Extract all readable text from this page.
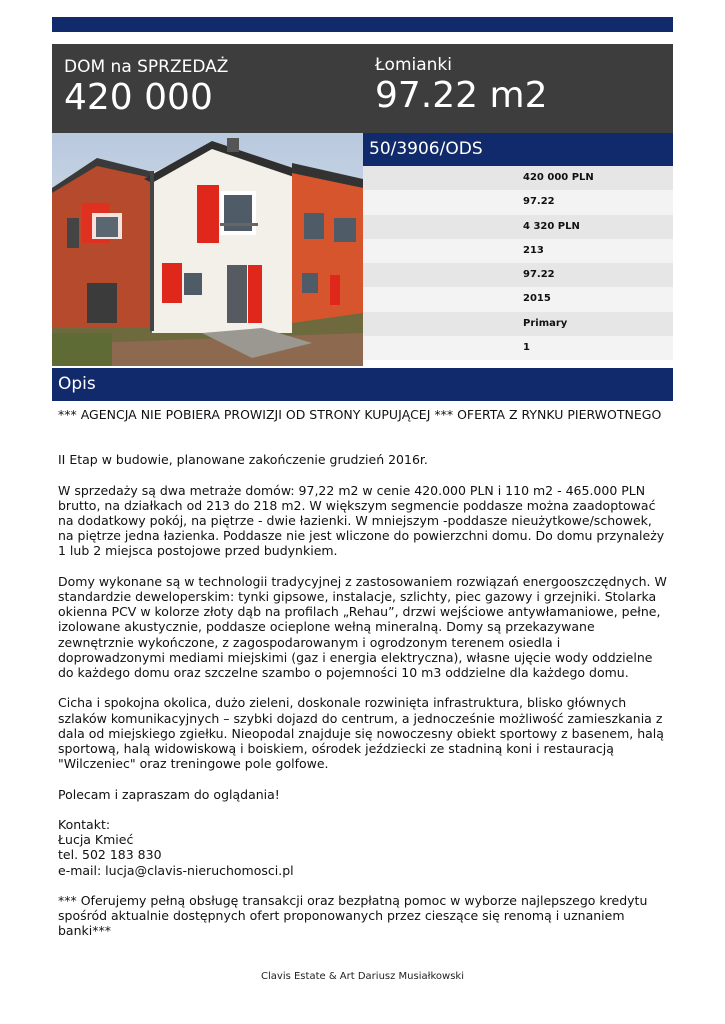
DOM na SPRZEDAŻ
420 000
Łomianki
97.22 m2
50/3906/ODS
420 000 PLN
97.22
4 320 PLN
213
97.22
2015
Primary
1
Opis

*** AGENCJA NIE POBIERA PROWIZJI OD STRONY KUPUJĄCEJ *** OFERTA Z RYNKU PIERWOTNEGO

II Etap w budowie, planowane zakończenie grudzień 2016r.

W sprzedaży są dwa metraże domów: 97,22 m2 w cenie 420.000 PLN i 110 m2 - 465.000 PLN brutto, na działkach od 213 do 218 m2. W większym segmencie poddasze można zaadoptować na dodatkowy pokój, na piętrze - dwie łazienki. W mniejszym -poddasze nieużytkowe/schowek, na piętrze jedna łazienka. Poddasze nie jest wliczone do powierzchni domu. Do domu przynależy 1 lub 2 miejsca postojowe przed budynkiem.

Domy wykonane są w technologii tradycyjnej z zastosowaniem rozwiązań energooszczędnych. W standardzie deweloperskim: tynki gipsowe, instalacje, szlichty, piec gazowy i grzejniki. Stolarka okienna PCV w kolorze złoty dąb na profilach „Rehau”, drzwi wejściowe antywłamaniowe, pełne, izolowane akustycznie, poddasze ocieplone wełną mineralną. Domy są przekazywane zewnętrznie wykończone, z zagospodarowanym i ogrodzonym terenem osiedla i doprowadzonymi mediami miejskimi (gaz i energia elektryczna), własne ujęcie wody oddzielne do każdego domu oraz szczelne szambo o pojemności 10 m3 oddzielne dla każdego domu.

Cicha i spokojna okolica, dużo zieleni, doskonale rozwinięta infrastruktura, blisko głównych szlaków komunikacyjnych – szybki dojazd do centrum, a jednocześnie możliwość zamieszkania z dala od miejskiego zgiełku. Nieopodal znajduje się nowoczesny obiekt sportowy z basenem, halą sportową, halą widowiskową i boiskiem, ośrodek jeździecki ze stadniną koni i restauracją "Wilczeniec" oraz treningowe pole golfowe.

Polecam i zapraszam do oglądania!

Kontakt:

Łucja Kmieć

tel. 502 183 830

e-mail: lucja@clavis-nieruchomosci.pl

*** Oferujemy pełną obsługę transakcji oraz bezpłatną pomoc w wyborze najlepszego kredytu spośród aktualnie dostępnych ofert proponowanych przez cieszące się renomą i uznaniem banki***

Clavis Estate & Art Dariusz Musiałkowski
